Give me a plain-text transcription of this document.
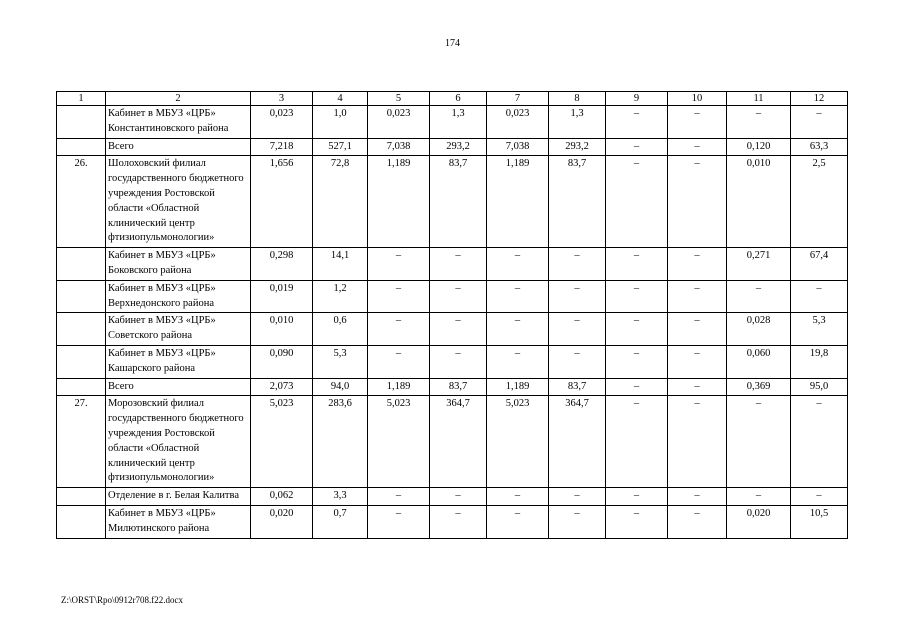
174
1	2	3	4	5	6	7	8	9	10	11	12
	Кабинет в МБУЗ «ЦРБ» Константиновского района	0,023	1,0	0,023	1,3	0,023	1,3	–	–	–	–
	Всего	7,218	527,1	7,038	293,2	7,038	293,2	–	–	0,120	63,3
26.	Шолоховский филиал государственного бюджетного учреждения Ростовской области «Областной клинический центр фтизиопульмонологии»	1,656	72,8	1,189	83,7	1,189	83,7	–	–	0,010	2,5
	Кабинет в МБУЗ «ЦРБ» Боковского района	0,298	14,1	–	–	–	–	–	–	0,271	67,4
	Кабинет в МБУЗ «ЦРБ» Верхнедонского района	0,019	1,2	–	–	–	–	–	–	–	–
	Кабинет в МБУЗ «ЦРБ» Советского района	0,010	0,6	–	–	–	–	–	–	0,028	5,3
	Кабинет в МБУЗ «ЦРБ» Кашарского района	0,090	5,3	–	–	–	–	–	–	0,060	19,8
	Всего	2,073	94,0	1,189	83,7	1,189	83,7	–	–	0,369	95,0
27.	Морозовский филиал государственного бюджетного учреждения Ростовской области «Областной клинический центр фтизиопульмонологии»	5,023	283,6	5,023	364,7	5,023	364,7	–	–	–	–
	Отделение в г. Белая Калитва	0,062	3,3	–	–	–	–	–	–	–	–
	Кабинет в МБУЗ «ЦРБ» Милютинского района	0,020	0,7	–	–	–	–	–	–	0,020	10,5
Z:\ORST\Rpo\0912r708.f22.docx
